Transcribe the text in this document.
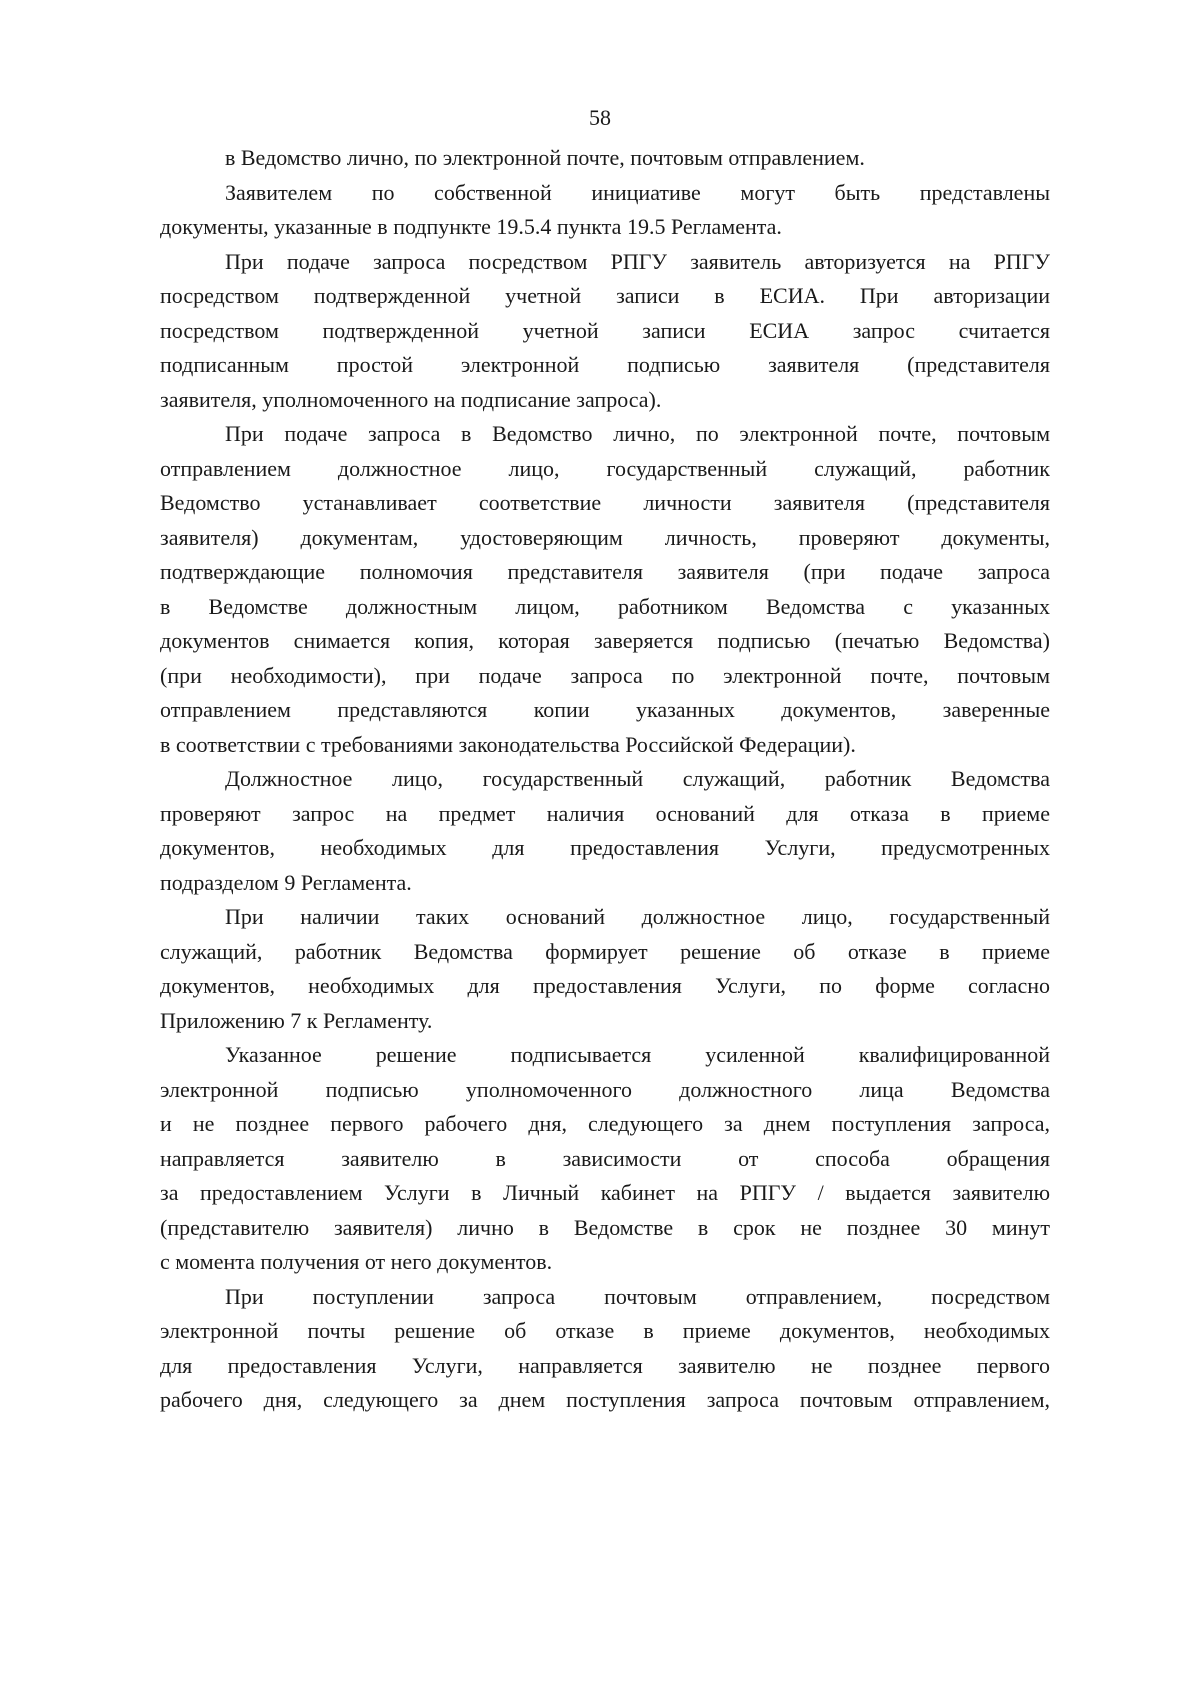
58
в Ведомство лично, по электронной почте, почтовым отправлением.
Заявителем по собственной инициативе могут быть представлены
документы, указанные в подпункте 19.5.4 пункта 19.5 Регламента.
При подаче запроса посредством РПГУ заявитель авторизуется на РПГУ
посредством подтвержденной учетной записи в ЕСИА. При авторизации
посредством подтвержденной учетной записи ЕСИА запрос считается
подписанным простой электронной подписью заявителя (представителя
заявителя, уполномоченного на подписание запроса).
При подаче запроса в Ведомство лично, по электронной почте, почтовым
отправлением должностное лицо, государственный служащий, работник
Ведомство устанавливает соответствие личности заявителя (представителя
заявителя) документам, удостоверяющим личность, проверяют документы,
подтверждающие полномочия представителя заявителя (при подаче запроса
в Ведомстве должностным лицом, работником Ведомства с указанных
документов снимается копия, которая заверяется подписью (печатью Ведомства)
(при необходимости), при подаче запроса по электронной почте, почтовым
отправлением представляются копии указанных документов, заверенные
в соответствии с требованиями законодательства Российской Федерации).
Должностное лицо, государственный служащий, работник Ведомства
проверяют запрос на предмет наличия оснований для отказа в приеме
документов, необходимых для предоставления Услуги, предусмотренных
подразделом 9 Регламента.
При наличии таких оснований должностное лицо, государственный
служащий, работник Ведомства формирует решение об отказе в приеме
документов, необходимых для предоставления Услуги, по форме согласно
Приложению 7 к Регламенту.
Указанное решение подписывается усиленной квалифицированной
электронной подписью уполномоченного должностного лица Ведомства
и не позднее первого рабочего дня, следующего за днем поступления запроса,
направляется заявителю в зависимости от способа обращения
за предоставлением Услуги в Личный кабинет на РПГУ / выдается заявителю
(представителю заявителя) лично в Ведомстве в срок не позднее 30 минут
с момента получения от него документов.
При поступлении запроса почтовым отправлением, посредством
электронной почты решение об отказе в приеме документов, необходимых
для предоставления Услуги, направляется заявителю не позднее первого
рабочего дня, следующего за днем поступления запроса почтовым отправлением,
